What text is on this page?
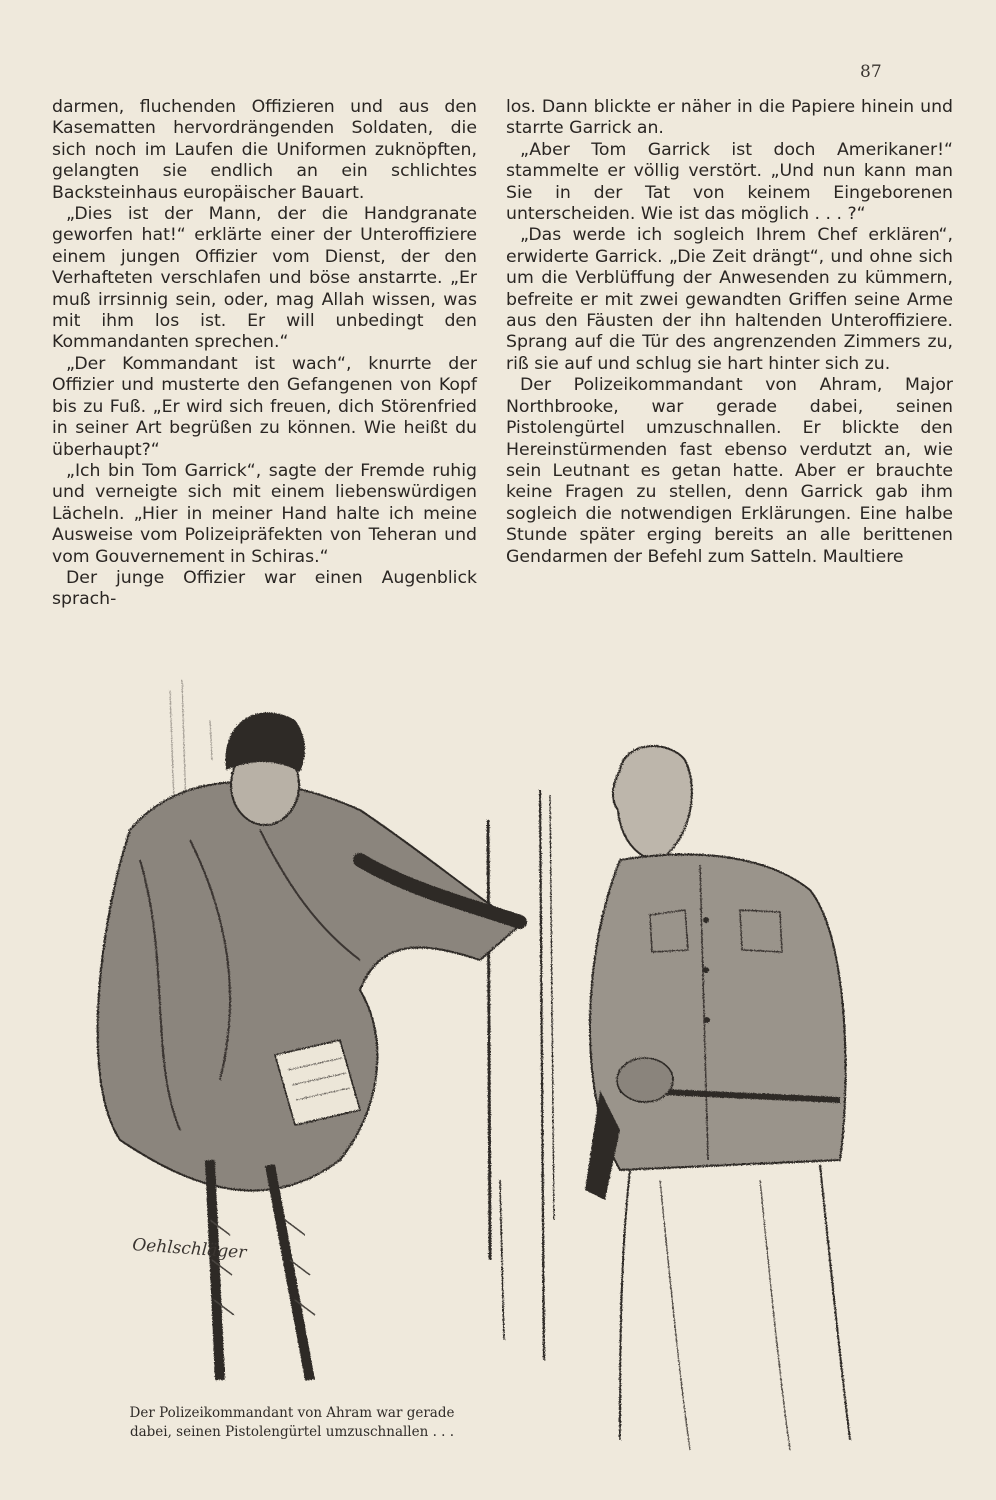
87

darmen, fluchenden Offizieren und aus den Kasematten hervordrängenden Soldaten, die sich noch im Laufen die Uniformen zuknöpften, gelangten sie endlich an ein schlichtes Backsteinhaus europäischer Bauart.

„Dies ist der Mann, der die Handgranate geworfen hat!“ erklärte einer der Unteroffiziere einem jungen Offizier vom Dienst, der den Verhafteten verschlafen und böse anstarrte. „Er muß irrsinnig sein, oder, mag Allah wissen, was mit ihm los ist. Er will unbedingt den Kommandanten sprechen.“

„Der Kommandant ist wach“, knurrte der Offizier und musterte den Gefangenen von Kopf bis zu Fuß. „Er wird sich freuen, dich Störenfried in seiner Art begrüßen zu können. Wie heißt du überhaupt?“

„Ich bin Tom Garrick“, sagte der Fremde ruhig und verneigte sich mit einem liebenswürdigen Lächeln. „Hier in meiner Hand halte ich meine Ausweise vom Polizeipräfekten von Teheran und vom Gouvernement in Schiras.“

Der junge Offizier war einen Augenblick sprach-

los. Dann blickte er näher in die Papiere hinein und starrte Garrick an.

„Aber Tom Garrick ist doch Amerikaner!“ stammelte er völlig verstört. „Und nun kann man Sie in der Tat von keinem Eingeborenen unterscheiden. Wie ist das möglich . . . ?“

„Das werde ich sogleich Ihrem Chef erklären“, erwiderte Garrick. „Die Zeit drängt“, und ohne sich um die Verblüffung der Anwesenden zu kümmern, befreite er mit zwei gewandten Griffen seine Arme aus den Fäusten der ihn haltenden Unteroffiziere. Sprang auf die Tür des angrenzenden Zimmers zu, riß sie auf und schlug sie hart hinter sich zu.

Der Polizeikommandant von Ahram, Major Northbrooke, war gerade dabei, seinen Pistolengürtel umzuschnallen. Er blickte den Hereinstürmenden fast ebenso verdutzt an, wie sein Leutnant es getan hatte. Aber er brauchte keine Fragen zu stellen, denn Garrick gab ihm sogleich die notwendigen Erklärungen. Eine halbe Stunde später erging bereits an alle berittenen Gendarmen der Befehl zum Satteln. Maultiere

Oehlschläger
Der Polizeikommandant von Ahram war gerade
dabei, seinen Pistolengürtel umzuschnallen . . .
